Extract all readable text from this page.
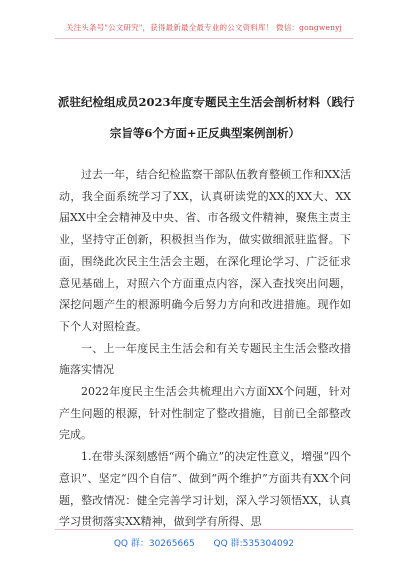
关注头条号"公文研究"，获得最新最全最专业的公文资料库！ 微信：gongwenyj
派驻纪检组成员2023年度专题民主生活会剖析材料（践行
宗旨等6个方面+正反典型案例剖析）

过去一年，结合纪检监察干部队伍教育整顿工作和XX活动，我全面系统学习了XX，认真研读党的XX的XX大、XX届XX中全会精神及中央、省、市各级文件精神，聚焦主责主业，坚持守正创新，积极担当作为，做实做细派驻监督。下面，围绕此次民主生活会主题，在深化理论学习、广泛征求意见基础上，对照六个方面重点内容，深入查找突出问题，深挖问题产生的根源明确今后努力方向和改进措施。现作如下个人对照检查。

一、上一年度民主生活会和有关专题民主生活会整改措施落实情况

2022年度民主生活会共梳理出六方面XX个问题，针对产生问题的根源，针对性制定了整改措施，目前已全部整改完成。

1.在带头深刻感悟“两个确立”的决定性意义，增强“四个意识”、坚定“四个自信”、做到“两个维护”方面共有XX个问题，整改情况：健全完善学习计划，深入学习领悟XX，认真学习贯彻落实XX精神，做到学有所得、思

QQ 群：30265665 QQ 群:535304092
